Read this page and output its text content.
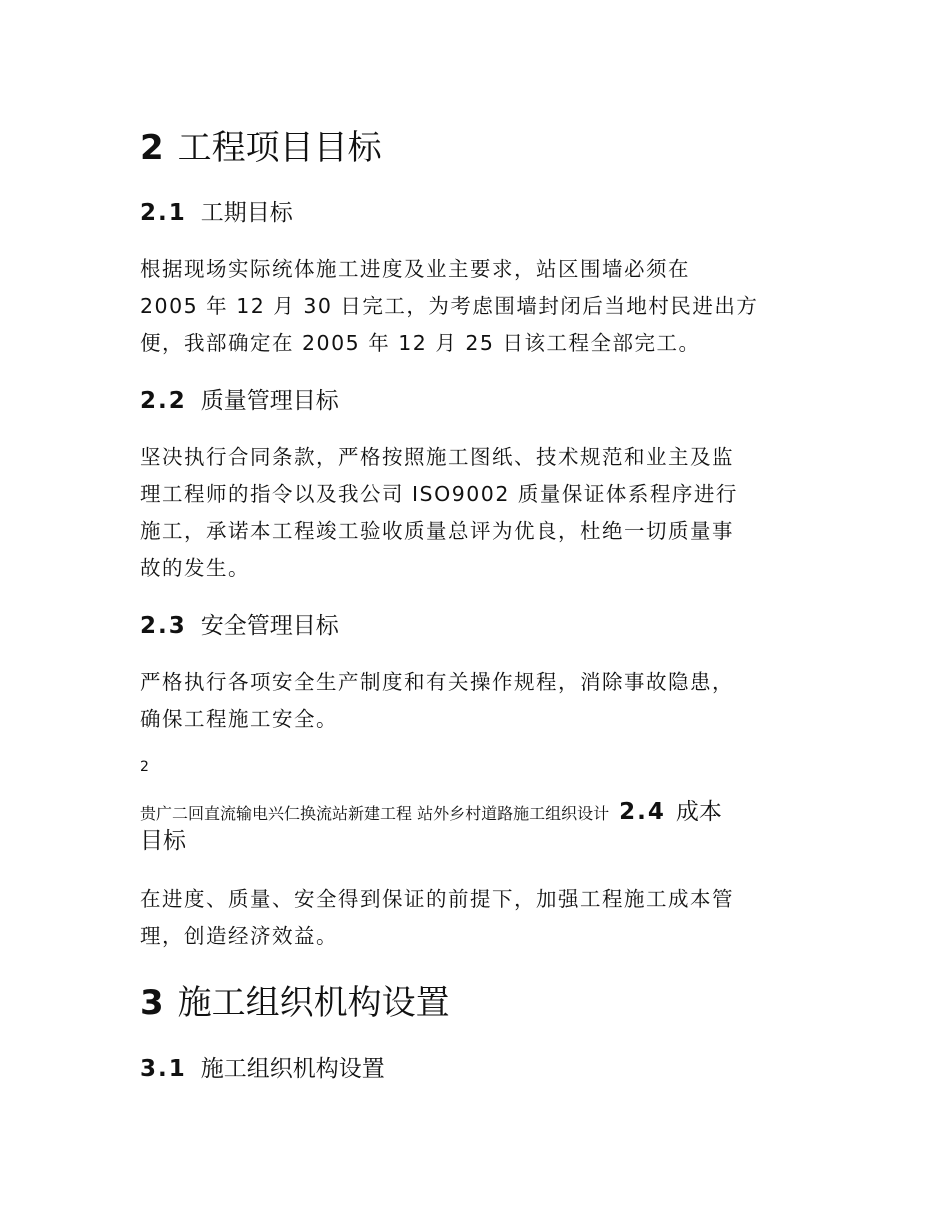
2 工程项目目标
2.1 工期目标
根据现场实际统体施工进度及业主要求，站区围墙必须在
2005 年 12 月 30 日完工，为考虑围墙封闭后当地村民进出方
便，我部确定在 2005 年 12 月 25 日该工程全部完工。
2.2 质量管理目标
坚决执行合同条款，严格按照施工图纸、技术规范和业主及监
理工程师的指令以及我公司 ISO9002 质量保证体系程序进行
施工，承诺本工程竣工验收质量总评为优良，杜绝一切质量事
故的发生。
2.3 安全管理目标
严格执行各项安全生产制度和有关操作规程，消除事故隐患，
确保工程施工安全。
2
贵广二回直流输电兴仁换流站新建工程 站外乡村道路施工组织设计 2.4 成本
目标
在进度、质量、安全得到保证的前提下，加强工程施工成本管
理，创造经济效益。
3 施工组织机构设置
3.1 施工组织机构设置
